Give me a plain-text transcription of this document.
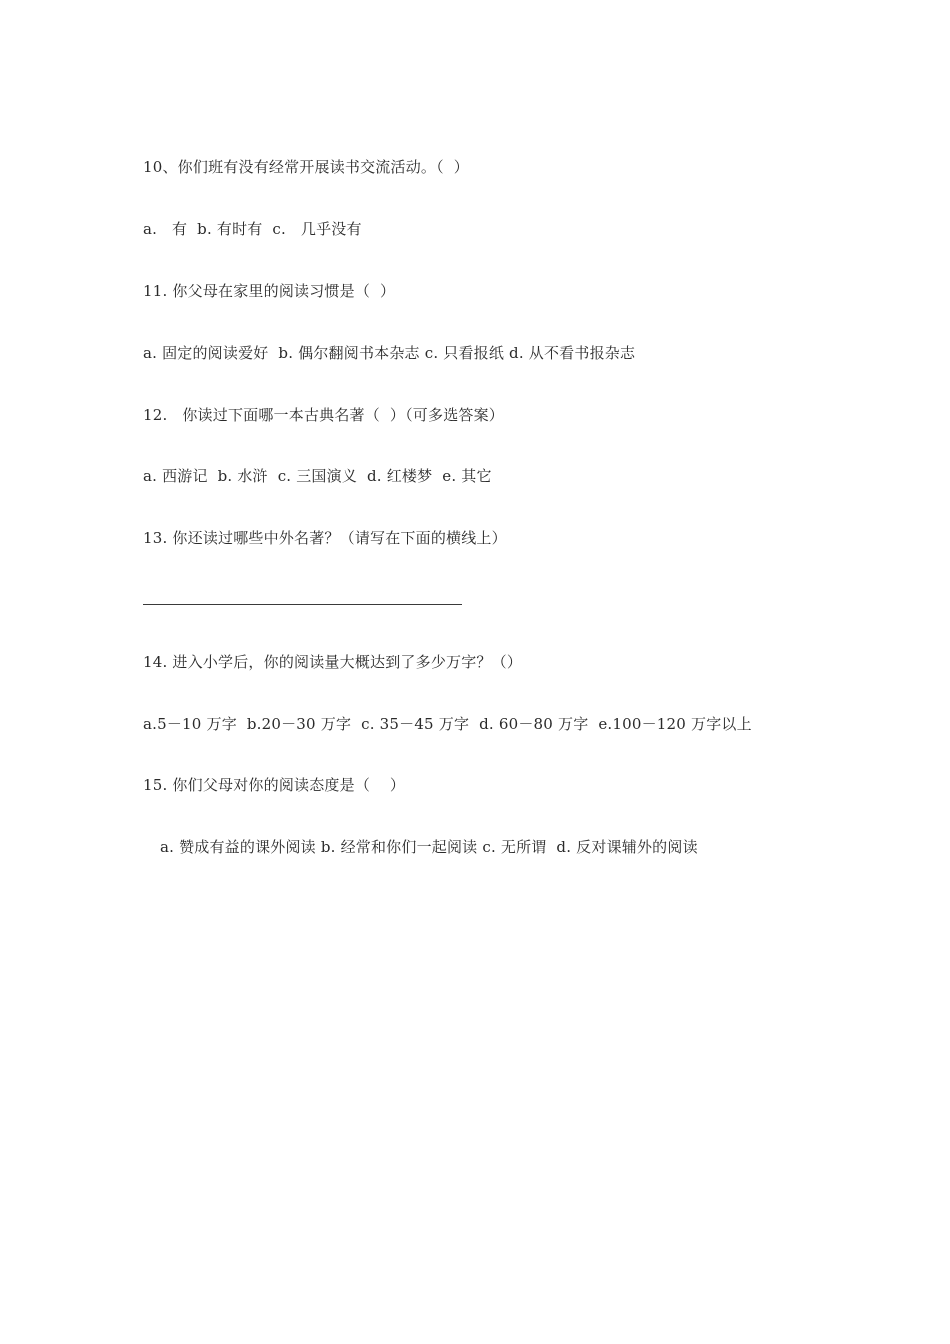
10、你们班有没有经常开展读书交流活动。（  ）
a.   有  b. 有时有  c.   几乎没有
11. 你父母在家里的阅读习惯是（  ）
a. 固定的阅读爱好  b. 偶尔翻阅书本杂志 c. 只看报纸 d. 从不看书报杂志
12.   你读过下面哪一本古典名著（  ）（可多选答案）
a. 西游记  b. 水浒  c. 三国演义  d. 红楼梦  e. 其它
13. 你还读过哪些中外名著？（请写在下面的横线上）
14. 进入小学后，你的阅读量大概达到了多少万字？（）
a.5－10 万字  b.20－30 万字  c. 35－45 万字  d. 60－80 万字  e.100－120 万字以上
15. 你们父母对你的阅读态度是（    ）
a. 赞成有益的课外阅读 b. 经常和你们一起阅读 c. 无所谓  d. 反对课辅外的阅读
